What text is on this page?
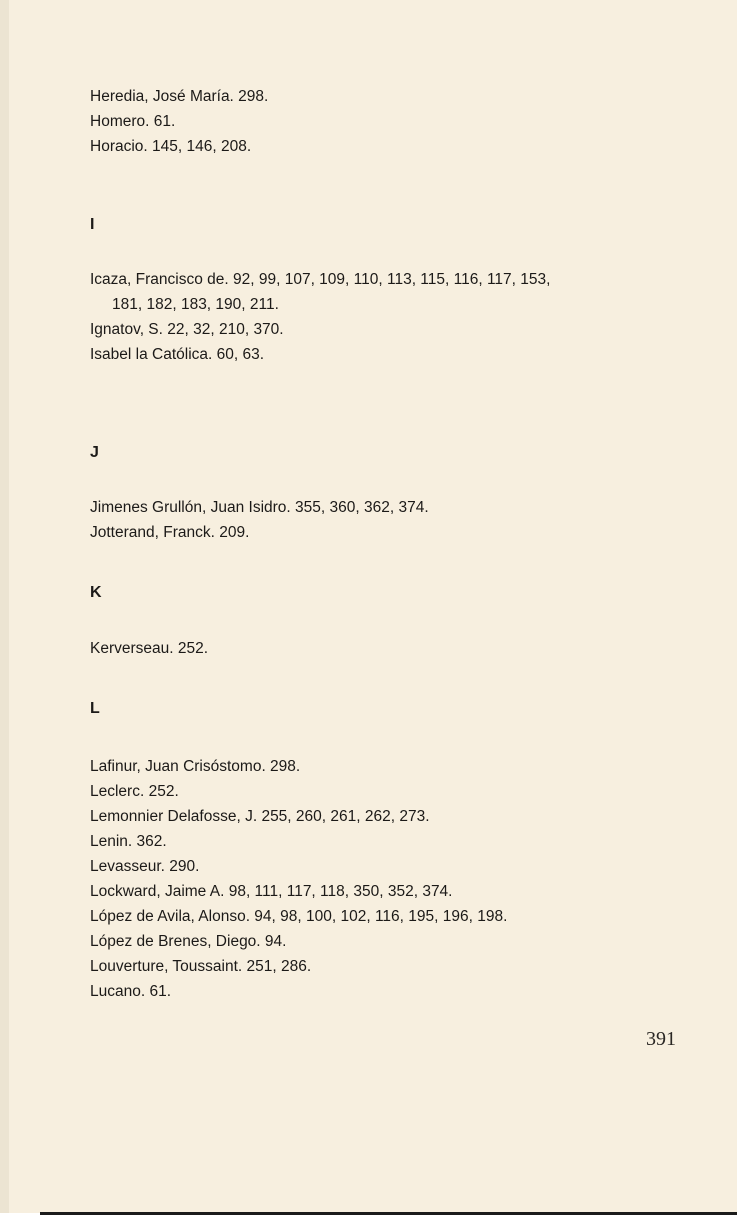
Heredia, José María. 298.
Homero. 61.
Horacio. 145, 146, 208.
I
Icaza, Francisco de. 92, 99, 107, 109, 110, 113, 115, 116, 117, 153,
181, 182, 183, 190, 211.
Ignatov, S. 22, 32, 210, 370.
Isabel la Católica. 60, 63.
J
Jimenes Grullón, Juan Isidro. 355, 360, 362, 374.
Jotterand, Franck. 209.
K
Kerverseau. 252.
L
Lafinur, Juan Crisóstomo. 298.
Leclerc. 252.
Lemonnier Delafosse, J. 255, 260, 261, 262, 273.
Lenin. 362.
Levasseur. 290.
Lockward, Jaime A. 98, 111, 117, 118, 350, 352, 374.
López de Avila, Alonso. 94, 98, 100, 102, 116, 195, 196, 198.
López de Brenes, Diego. 94.
Louverture, Toussaint. 251, 286.
Lucano. 61.
391
